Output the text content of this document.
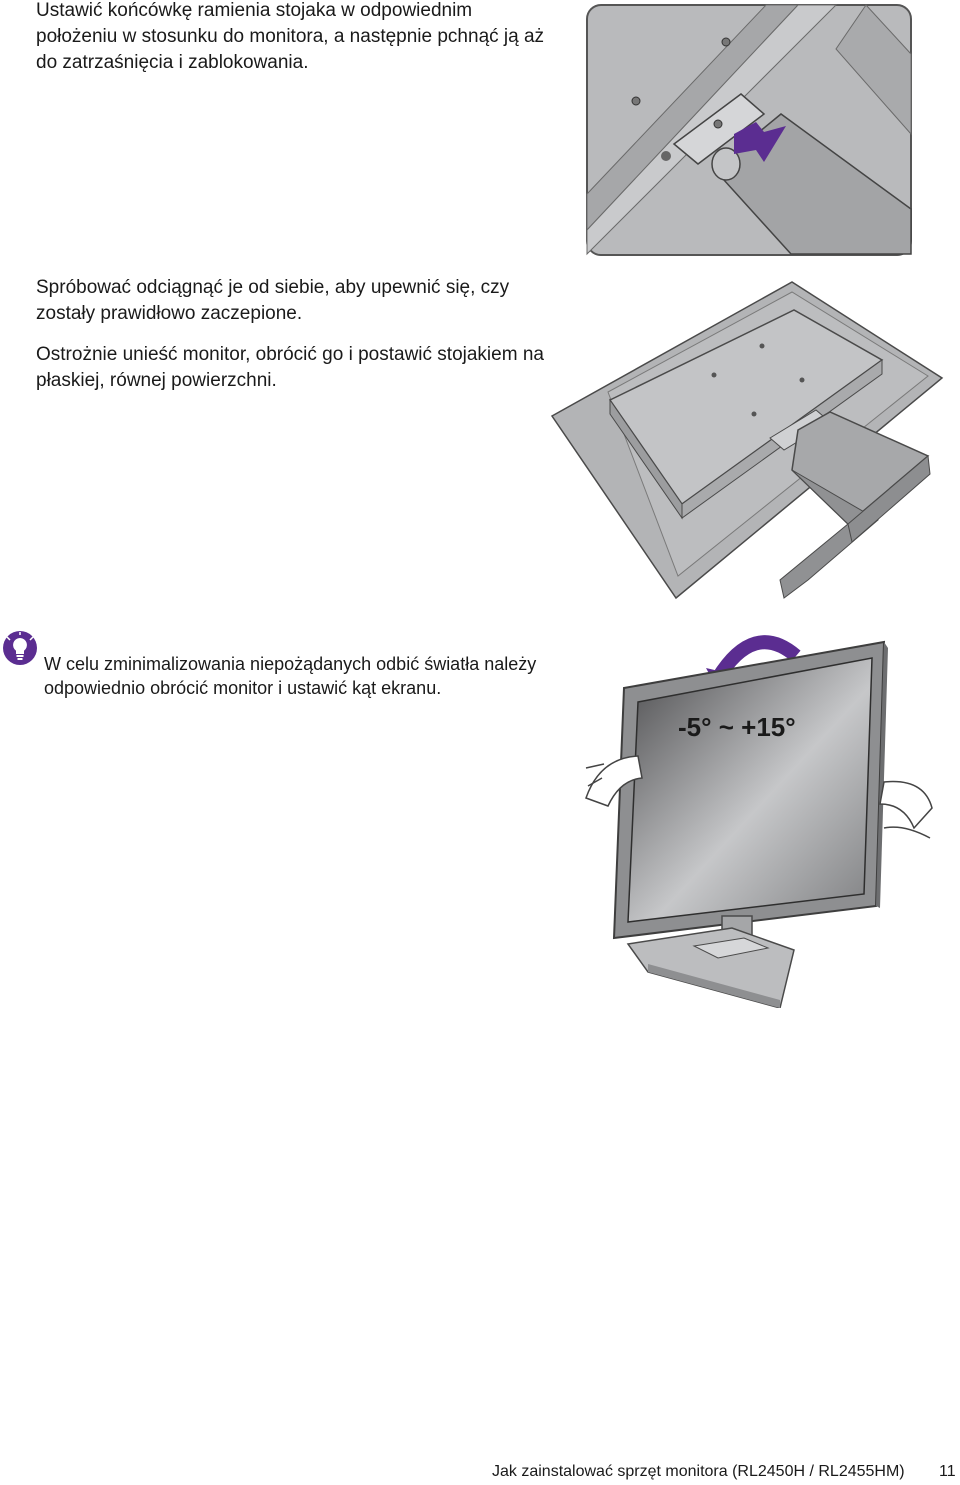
Ustawić końcówkę ramienia stojaka w odpowiednim położeniu w stosunku do monitora, a następnie pchnąć ją aż do zatrzaśnięcia i zablokowania.

Spróbować odciągnąć je od siebie, aby upewnić się, czy zostały prawidłowo zaczepione.

Ostrożnie unieść monitor, obrócić go i postawić stojakiem na płaskiej, równej powierzchni.

W celu zminimalizowania niepożądanych odbić światła należy odpowiednio obrócić monitor i ustawić kąt ekranu.

-5° ~ +15°
Jak zainstalować sprzęt monitora (RL2450H / RL2455HM) 11
